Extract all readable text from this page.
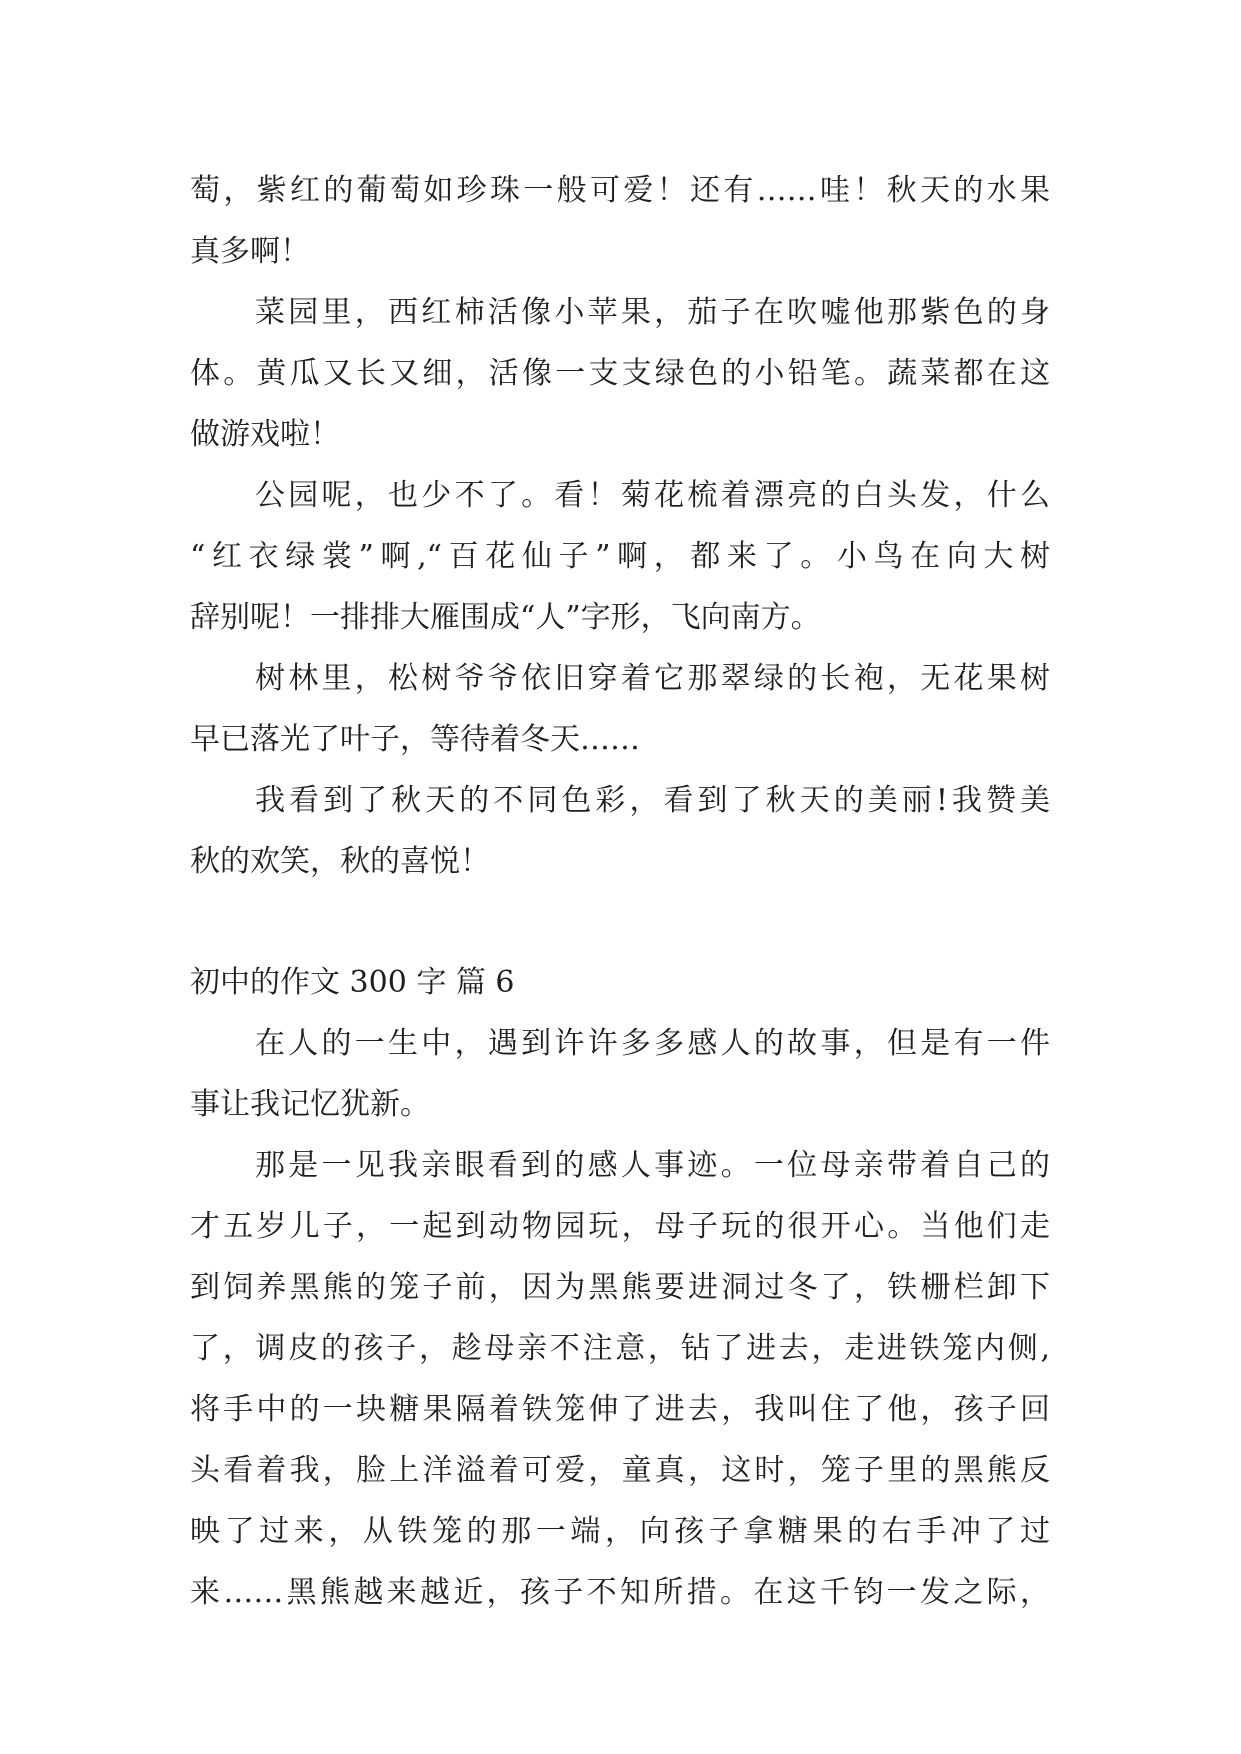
萄，紫红的葡萄如珍珠一般可爱！还有……哇！秋天的水果
真多啊！
菜园里，西红柿活像小苹果，茄子在吹嘘他那紫色的身
体。黄瓜又长又细，活像一支支绿色的小铅笔。蔬菜都在这
做游戏啦！
公园呢，也少不了。看！菊花梳着漂亮的白头发，什么
“红衣绿裳”啊,“百花仙子”啊，都来了。小鸟在向大树
辞别呢！一排排大雁围成“人”字形，飞向南方。
树林里，松树爷爷依旧穿着它那翠绿的长袍，无花果树
早已落光了叶子，等待着冬天……
我看到了秋天的不同色彩，看到了秋天的美丽!我赞美
秋的欢笑，秋的喜悦！
初中的作文 300 字 篇 6
在人的一生中，遇到许许多多感人的故事，但是有一件
事让我记忆犹新。
那是一见我亲眼看到的感人事迹。一位母亲带着自己的
才五岁儿子，一起到动物园玩，母子玩的很开心。当他们走
到饲养黑熊的笼子前，因为黑熊要进洞过冬了，铁栅栏卸下
了，调皮的孩子，趁母亲不注意，钻了进去，走进铁笼内侧,
将手中的一块糖果隔着铁笼伸了进去，我叫住了他，孩子回
头看着我，脸上洋溢着可爱，童真，这时，笼子里的黑熊反
映了过来，从铁笼的那一端，向孩子拿糖果的右手冲了过
来……黑熊越来越近，孩子不知所措。在这千钧一发之际，
